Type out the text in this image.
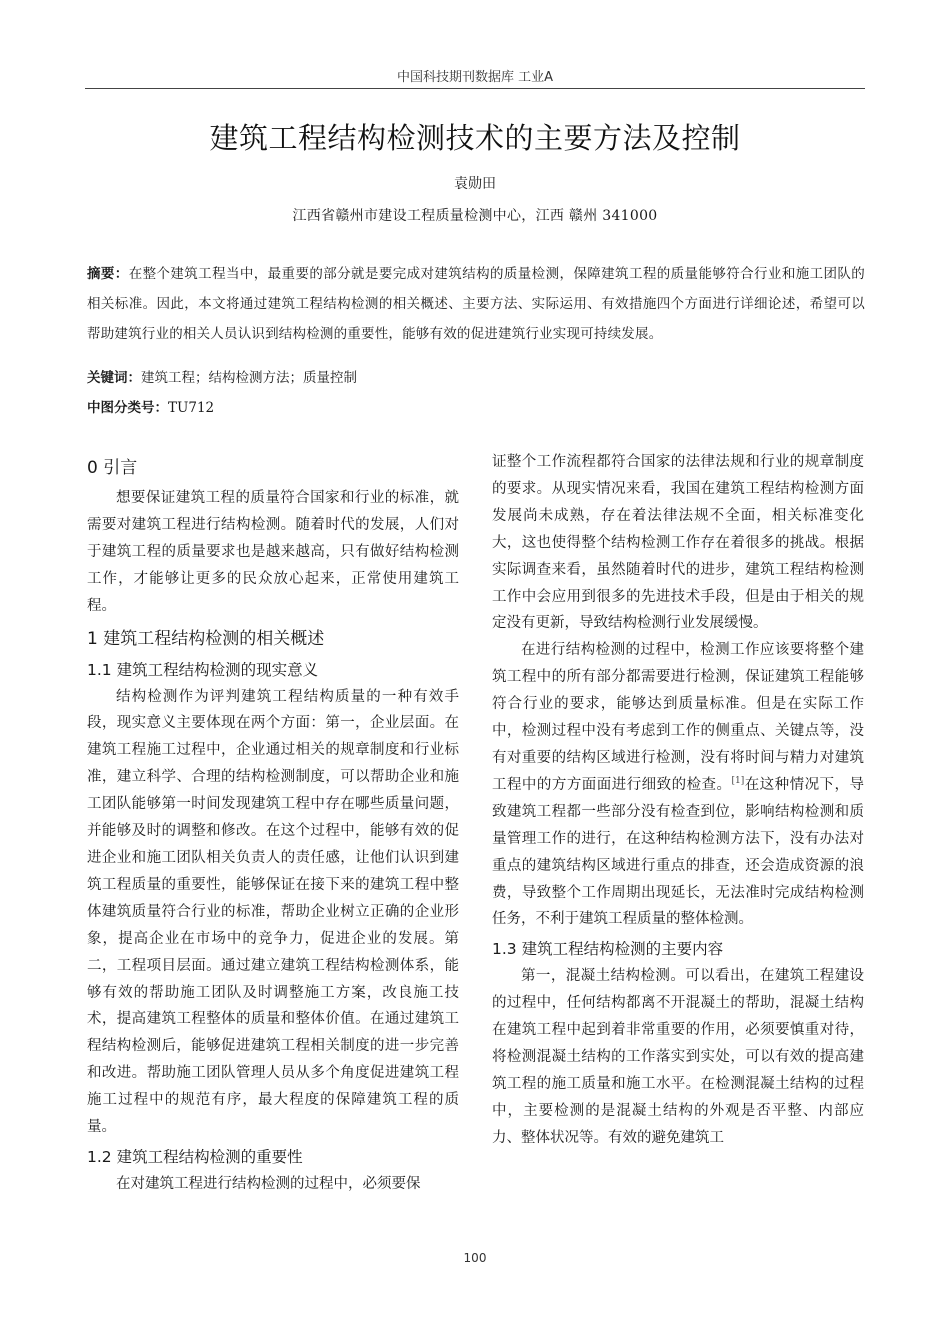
中国科技期刊数据库 工业A
建筑工程结构检测技术的主要方法及控制
袁勋田
江西省赣州市建设工程质量检测中心，江西 赣州 341000
摘要：在整个建筑工程当中，最重要的部分就是要完成对建筑结构的质量检测，保障建筑工程的质量能够符合行业和施工团队的相关标准。因此，本文将通过建筑工程结构检测的相关概述、主要方法、实际运用、有效措施四个方面进行详细论述，希望可以帮助建筑行业的相关人员认识到结构检测的重要性，能够有效的促进建筑行业实现可持续发展。
关键词：建筑工程；结构检测方法；质量控制
中图分类号：TU712
0 引言

想要保证建筑工程的质量符合国家和行业的标准，就需要对建筑工程进行结构检测。随着时代的发展，人们对于建筑工程的质量要求也是越来越高，只有做好结构检测工作，才能够让更多的民众放心起来，正常使用建筑工程。

1 建筑工程结构检测的相关概述
1.1 建筑工程结构检测的现实意义

结构检测作为评判建筑工程结构质量的一种有效手段，现实意义主要体现在两个方面：第一，企业层面。在建筑工程施工过程中，企业通过相关的规章制度和行业标准，建立科学、合理的结构检测制度，可以帮助企业和施工团队能够第一时间发现建筑工程中存在哪些质量问题，并能够及时的调整和修改。在这个过程中，能够有效的促进企业和施工团队相关负责人的责任感，让他们认识到建筑工程质量的重要性，能够保证在接下来的建筑工程中整体建筑质量符合行业的标准，帮助企业树立正确的企业形象，提高企业在市场中的竞争力，促进企业的发展。第二，工程项目层面。通过建立建筑工程结构检测体系，能够有效的帮助施工团队及时调整施工方案，改良施工技术，提高建筑工程整体的质量和整体价值。在通过建筑工程结构检测后，能够促进建筑工程相关制度的进一步完善和改进。帮助施工团队管理人员从多个角度促进建筑工程施工过程中的规范有序，最大程度的保障建筑工程的质量。

1.2 建筑工程结构检测的重要性

在对建筑工程进行结构检测的过程中，必须要保

证整个工作流程都符合国家的法律法规和行业的规章制度的要求。从现实情况来看，我国在建筑工程结构检测方面发展尚未成熟，存在着法律法规不全面，相关标准变化大，这也使得整个结构检测工作存在着很多的挑战。根据实际调查来看，虽然随着时代的进步，建筑工程结构检测工作中会应用到很多的先进技术手段，但是由于相关的规定没有更新，导致结构检测行业发展缓慢。

在进行结构检测的过程中，检测工作应该要将整个建筑工程中的所有部分都需要进行检测，保证建筑工程能够符合行业的要求，能够达到质量标准。但是在实际工作中，检测过程中没有考虑到工作的侧重点、关键点等，没有对重要的结构区域进行检测，没有将时间与精力对建筑工程中的方方面面进行细致的检查。[1]在这种情况下，导致建筑工程都一些部分没有检查到位，影响结构检测和质量管理工作的进行，在这种结构检测方法下，没有办法对重点的建筑结构区域进行重点的排查，还会造成资源的浪费，导致整个工作周期出现延长，无法准时完成结构检测任务，不利于建筑工程质量的整体检测。

1.3 建筑工程结构检测的主要内容

第一，混凝土结构检测。可以看出，在建筑工程建设的过程中，任何结构都离不开混凝土的帮助，混凝土结构在建筑工程中起到着非常重要的作用，必须要慎重对待，将检测混凝土结构的工作落实到实处，可以有效的提高建筑工程的施工质量和施工水平。在检测混凝土结构的过程中，主要检测的是混凝土结构的外观是否平整、内部应力、整体状况等。有效的避免建筑工

100
